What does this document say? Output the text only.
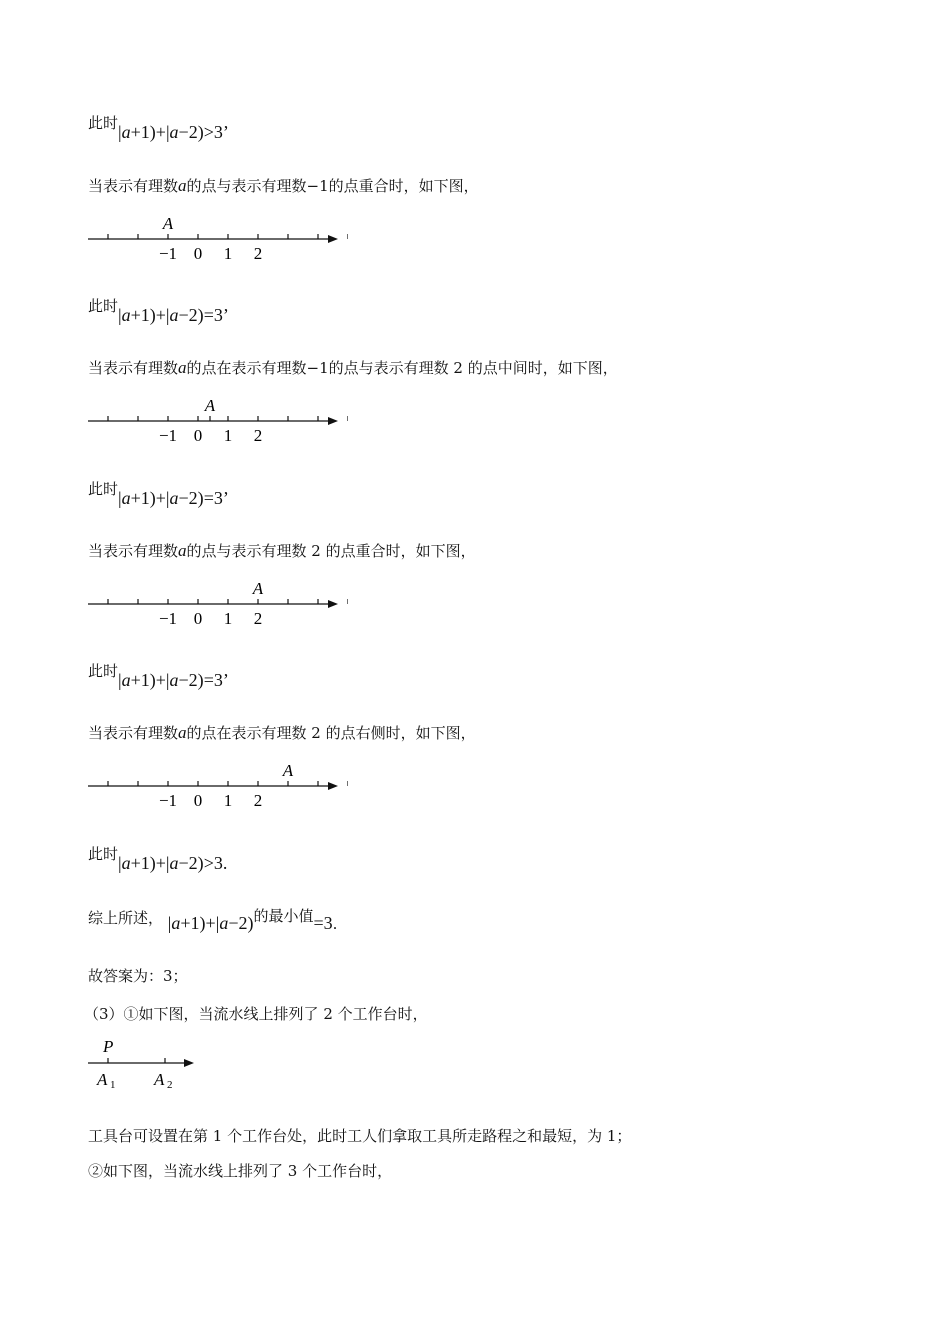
此时|a+1)+|a−2)>3’
当表示有理数a的点与表示有理数−1的点重合时，如下图，
−1 0 1 2
A
此时|a+1)+|a−2)=3’
当表示有理数a的点在表示有理数−1的点与表示有理数 2 的点中间时，如下图，
−1 0 1 2
A
此时|a+1)+|a−2)=3’
当表示有理数a的点与表示有理数 2 的点重合时，如下图，
−1 0 1 2
A
此时|a+1)+|a−2)=3’
当表示有理数a的点在表示有理数 2 的点右侧时，如下图，
−1 0 1 2
A
此时|a+1)+|a−2)>3.
综上所述， |a+1)+|a−2)的最小值=3.
故答案为：3；
（3）①如下图，当流水线上排列了 2 个工作台时，
P
A 1 A 2
工具台可设置在第 1 个工作台处，此时工人们拿取工具所走路程之和最短，为 1；
②如下图，当流水线上排列了 3 个工作台时，
